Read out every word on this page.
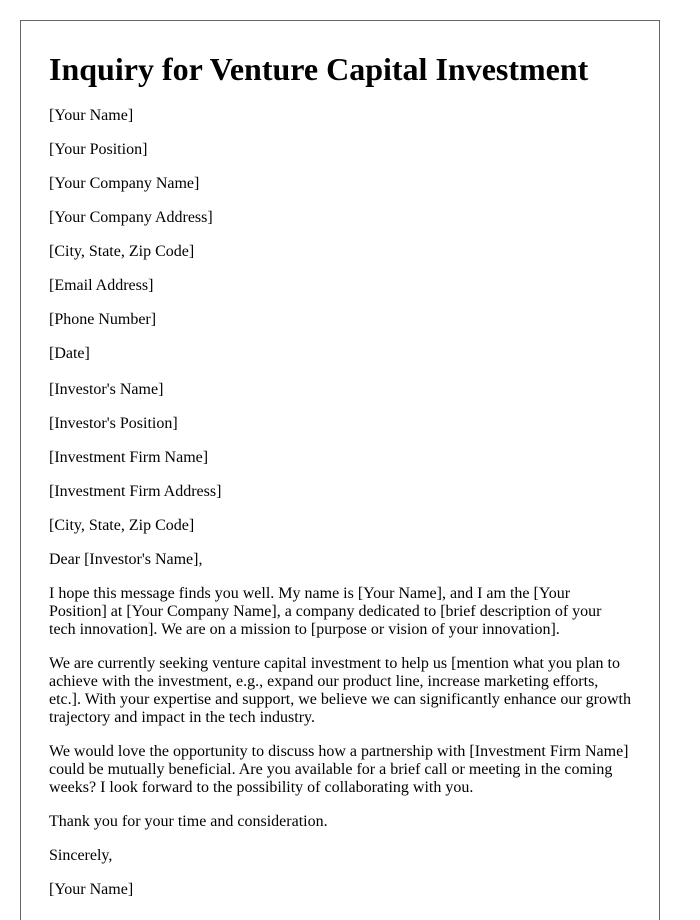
Inquiry for Venture Capital Investment

[Your Name]

[Your Position]

[Your Company Name]

[Your Company Address]

[City, State, Zip Code]

[Email Address]

[Phone Number]

[Date]

[Investor's Name]

[Investor's Position]

[Investment Firm Name]

[Investment Firm Address]

[City, State, Zip Code]

Dear [Investor's Name],

I hope this message finds you well. My name is [Your Name], and I am the [Your Position] at [Your Company Name], a company dedicated to [brief description of your tech innovation]. We are on a mission to [purpose or vision of your innovation].

We are currently seeking venture capital investment to help us [mention what you plan to achieve with the investment, e.g., expand our product line, increase marketing efforts, etc.]. With your expertise and support, we believe we can significantly enhance our growth trajectory and impact in the tech industry.

We would love the opportunity to discuss how a partnership with [Investment Firm Name] could be mutually beneficial. Are you available for a brief call or meeting in the coming weeks? I look forward to the possibility of collaborating with you.

Thank you for your time and consideration.

Sincerely,

[Your Name]
